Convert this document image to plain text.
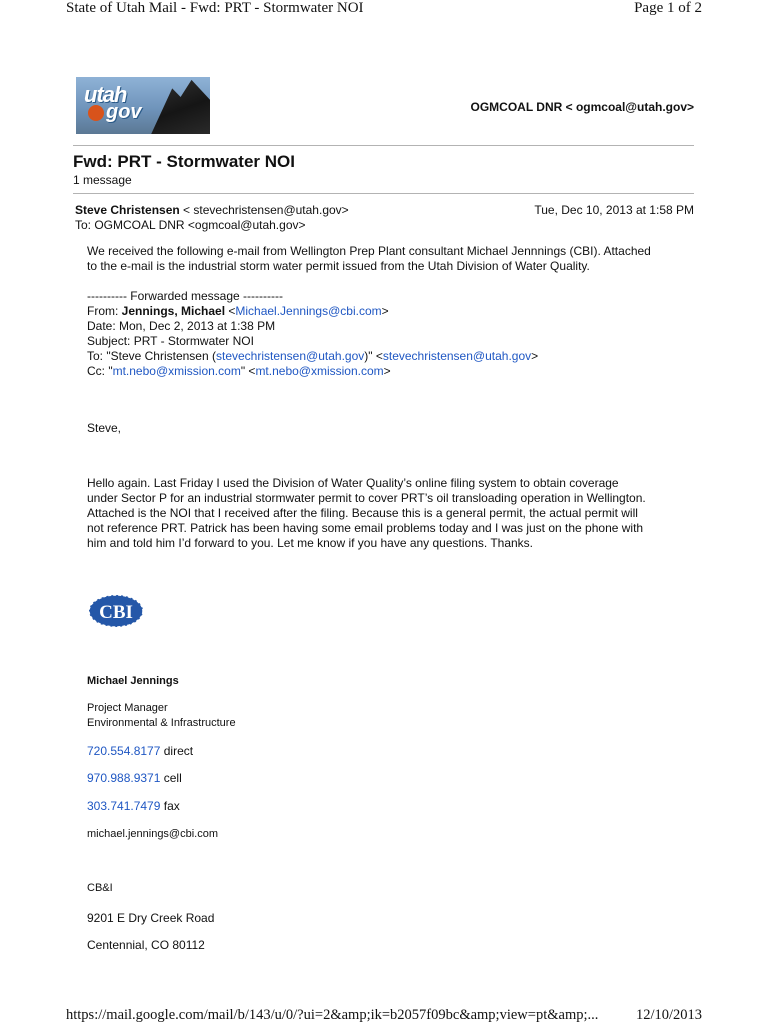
State of Utah Mail - Fwd: PRT - Stormwater NOI	Page 1 of 2
utah
gov	OGMCOAL DNR < ogmcoal@utah.gov>
Fwd: PRT - Stormwater NOI
1 message
Steve Christensen < stevechristensen@utah.gov>	Tue, Dec 10, 2013 at 1:58 PM
To: OGMCOAL DNR <ogmcoal@utah.gov>

We received the following e-mail from Wellington Prep Plant consultant Michael Jennnings (CBI). Attached

to the e-mail is the industrial storm water permit issued from the Utah Division of Water Quality.

---------- Forwarded message ----------

From: Jennings, Michael <Michael.Jennings@cbi.com>

Date: Mon, Dec 2, 2013 at 1:38 PM

Subject: PRT - Stormwater NOI

To: "Steve Christensen (stevechristensen@utah.gov)" <stevechristensen@utah.gov>

Cc: "mt.nebo@xmission.com" <mt.nebo@xmission.com>

Steve,

Hello again. Last Friday I used the Division of Water Quality’s online filing system to obtain coverage

under Sector P for an industrial stormwater permit to cover PRT’s oil transloading operation in Wellington.

Attached is the NOI that I received after the filing. Because this is a general permit, the actual permit will

not reference PRT. Patrick has been having some email problems today and I was just on the phone with

him and told him I’d forward to you. Let me know if you have any questions. Thanks.

CBI
Michael Jennings
Project Manager
Environmental & Infrastructure
720.554.8177 direct
970.988.9371 cell
303.741.7479 fax
michael.jennings@cbi.com
CB&I
9201 E Dry Creek Road
Centennial, CO 80112
https://mail.google.com/mail/b/143/u/0/?ui=2&amp;ik=b2057f09bc&amp;view=pt&amp;...	12/10/2013
